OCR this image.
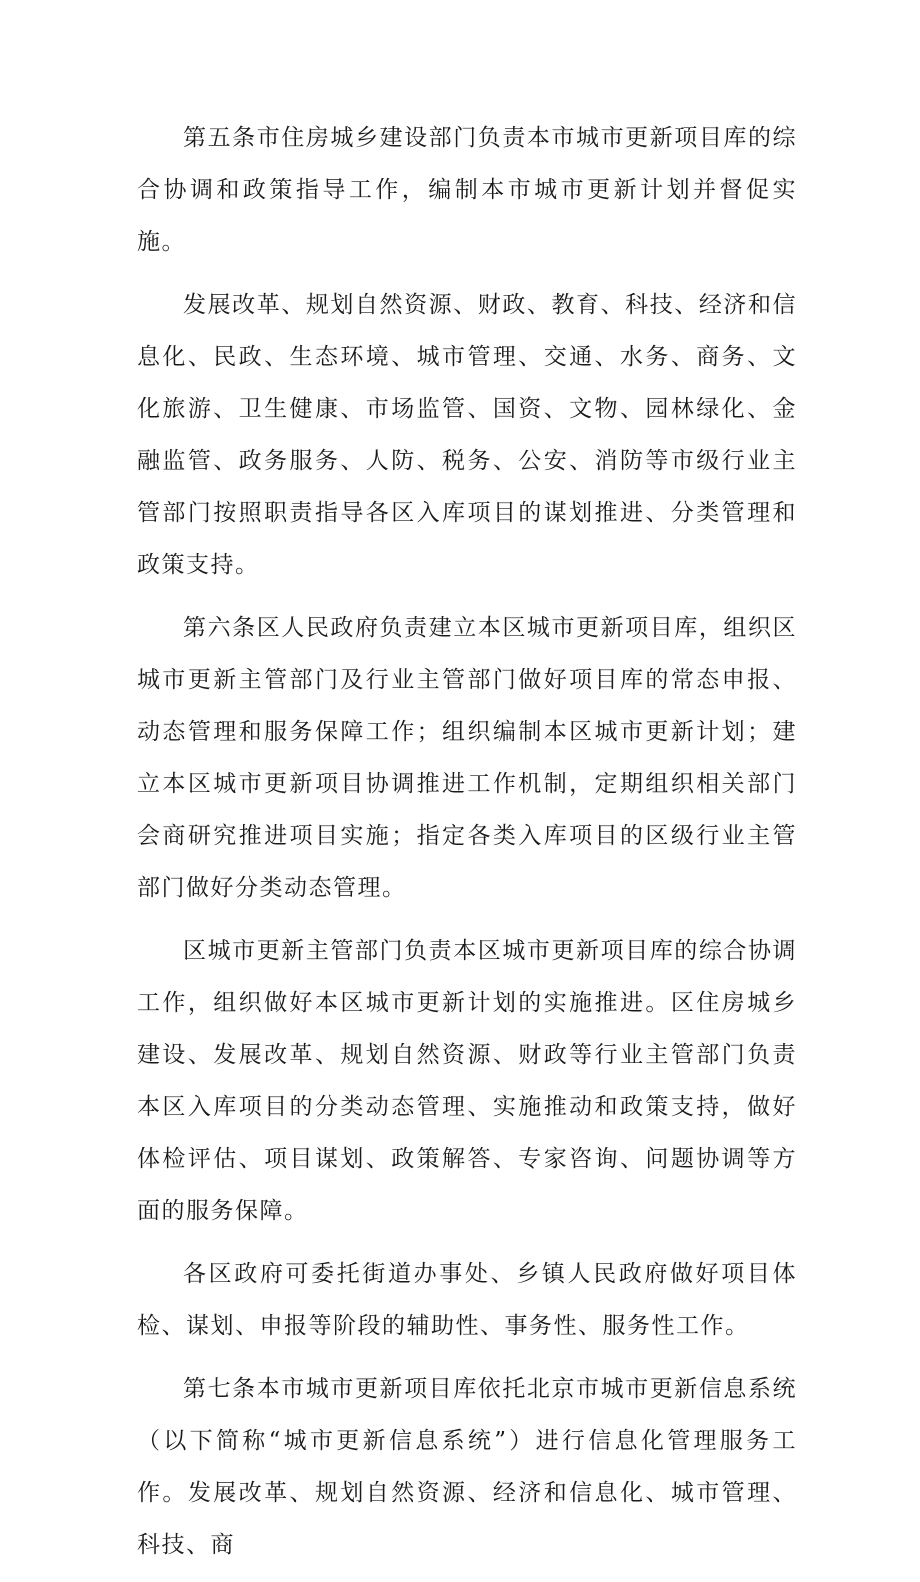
第五条市住房城乡建设部门负责本市城市更新项目库的综合协调和政策指导工作，编制本市城市更新计划并督促实施。

发展改革、规划自然资源、财政、教育、科技、经济和信息化、民政、生态环境、城市管理、交通、水务、商务、文化旅游、卫生健康、市场监管、国资、文物、园林绿化、金融监管、政务服务、人防、税务、公安、消防等市级行业主管部门按照职责指导各区入库项目的谋划推进、分类管理和政策支持。

第六条区人民政府负责建立本区城市更新项目库，组织区城市更新主管部门及行业主管部门做好项目库的常态申报、动态管理和服务保障工作；组织编制本区城市更新计划；建立本区城市更新项目协调推进工作机制，定期组织相关部门会商研究推进项目实施；指定各类入库项目的区级行业主管部门做好分类动态管理。

区城市更新主管部门负责本区城市更新项目库的综合协调工作，组织做好本区城市更新计划的实施推进。区住房城乡建设、发展改革、规划自然资源、财政等行业主管部门负责本区入库项目的分类动态管理、实施推动和政策支持，做好体检评估、项目谋划、政策解答、专家咨询、问题协调等方面的服务保障。

各区政府可委托街道办事处、乡镇人民政府做好项目体检、谋划、申报等阶段的辅助性、事务性、服务性工作。

第七条本市城市更新项目库依托北京市城市更新信息系统（以下简称“城市更新信息系统”）进行信息化管理服务工作。发展改革、规划自然资源、经济和信息化、城市管理、科技、商
